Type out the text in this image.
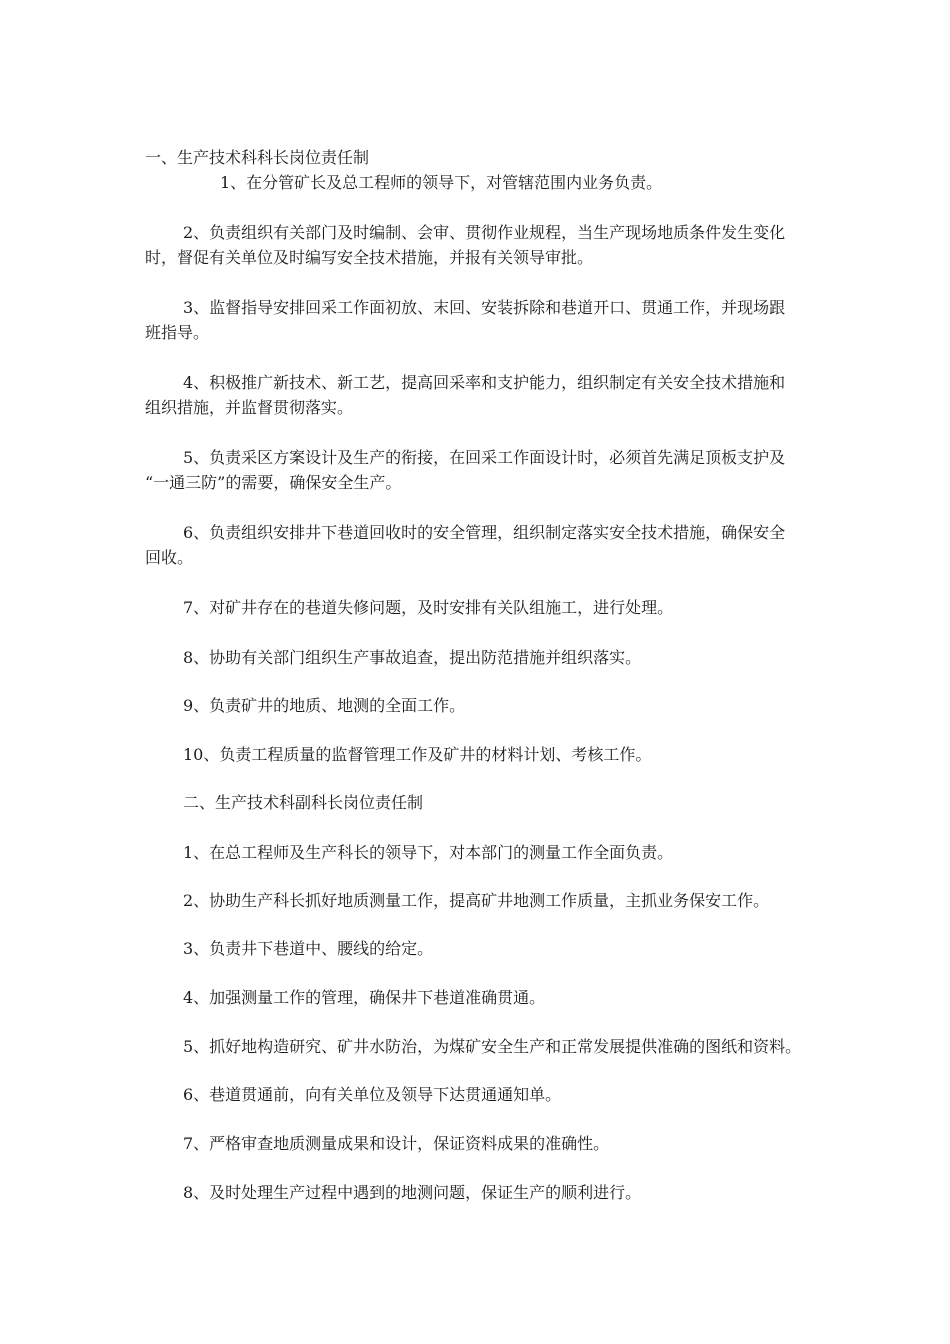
一、生产技术科科长岗位责任制

1、在分管矿长及总工程师的领导下，对管辖范围内业务负责。

2、负责组织有关部门及时编制、会审、贯彻作业规程，当生产现场地质条件发生变化

时，督促有关单位及时编写安全技术措施，并报有关领导审批。

3、监督指导安排回采工作面初放、末回、安装拆除和巷道开口、贯通工作，并现场跟

班指导。

4、积极推广新技术、新工艺，提高回采率和支护能力，组织制定有关安全技术措施和

组织措施，并监督贯彻落实。

5、负责采区方案设计及生产的衔接，在回采工作面设计时，必须首先满足顶板支护及

“一通三防”的需要，确保安全生产。

6、负责组织安排井下巷道回收时的安全管理，组织制定落实安全技术措施，确保安全

回收。

7、对矿井存在的巷道失修问题，及时安排有关队组施工，进行处理。

8、协助有关部门组织生产事故追查，提出防范措施并组织落实。

9、负责矿井的地质、地测的全面工作。

10、负责工程质量的监督管理工作及矿井的材料计划、考核工作。

二、生产技术科副科长岗位责任制

1、在总工程师及生产科长的领导下，对本部门的测量工作全面负责。

2、协助生产科长抓好地质测量工作，提高矿井地测工作质量，主抓业务保安工作。

3、负责井下巷道中、腰线的给定。

4、加强测量工作的管理，确保井下巷道准确贯通。

5、抓好地构造研究、矿井水防治，为煤矿安全生产和正常发展提供准确的图纸和资料。

6、巷道贯通前，向有关单位及领导下达贯通通知单。

7、严格审查地质测量成果和设计，保证资料成果的准确性。

8、及时处理生产过程中遇到的地测问题，保证生产的顺利进行。
